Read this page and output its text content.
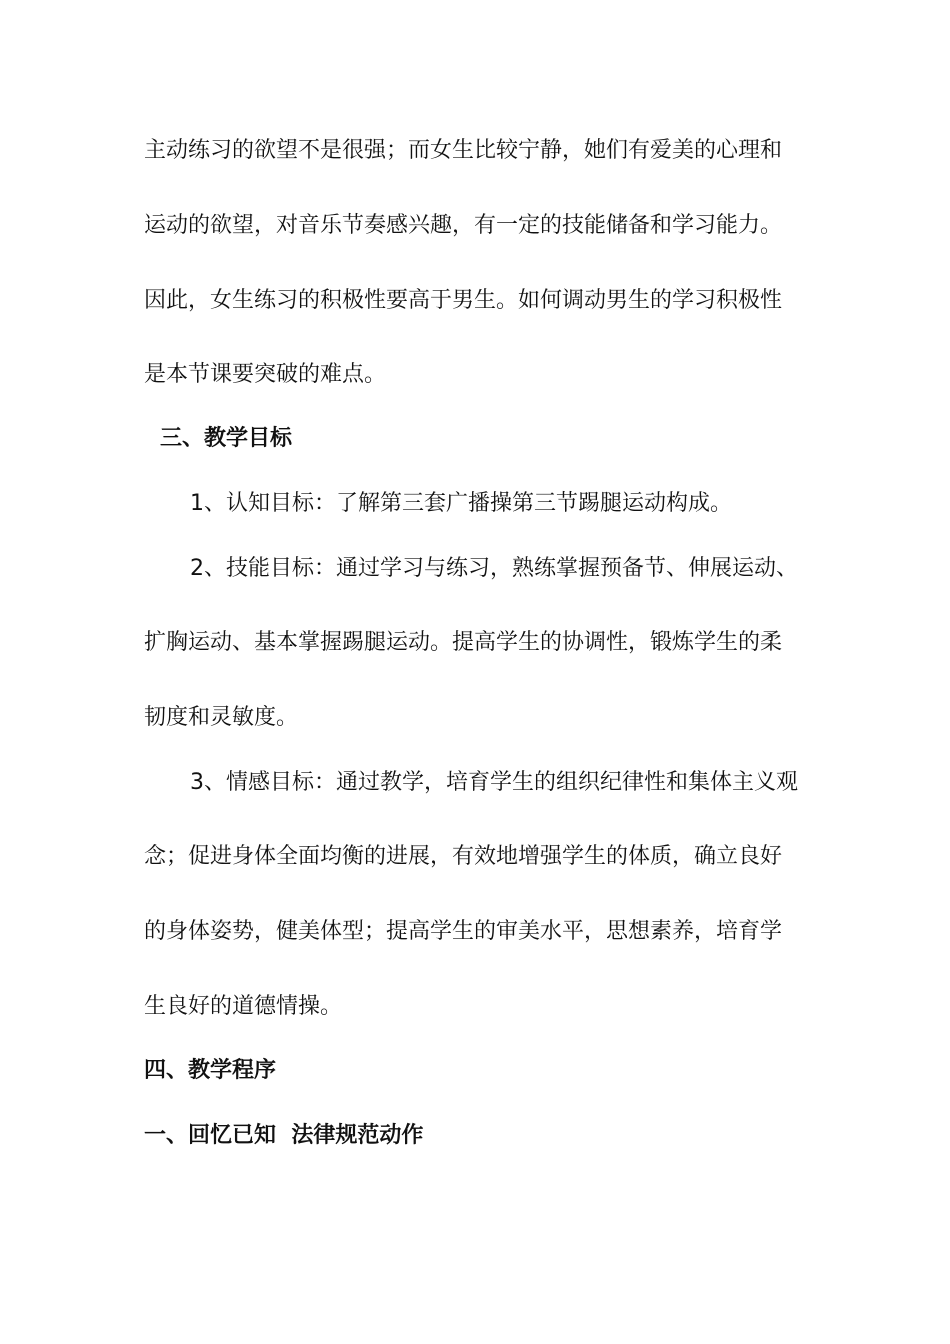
主动练习的欲望不是很强；而女生比较宁静，她们有爱美的心理和
运动的欲望，对音乐节奏感兴趣，有一定的技能储备和学习能力。
因此，女生练习的积极性要高于男生。如何调动男生的学习积极性
是本节课要突破的难点。
三、教学目标
1、认知目标：了解第三套广播操第三节踢腿运动构成。
2、技能目标：通过学习与练习，熟练掌握预备节、伸展运动、
扩胸运动、基本掌握踢腿运动。提高学生的协调性，锻炼学生的柔
韧度和灵敏度。
3、情感目标：通过教学，培育学生的组织纪律性和集体主义观
念；促进身体全面均衡的进展，有效地增强学生的体质，确立良好
的身体姿势，健美体型；提高学生的审美水平，思想素养，培育学
生良好的道德情操。
四、教学程序
一、回忆已知  法律规范动作
